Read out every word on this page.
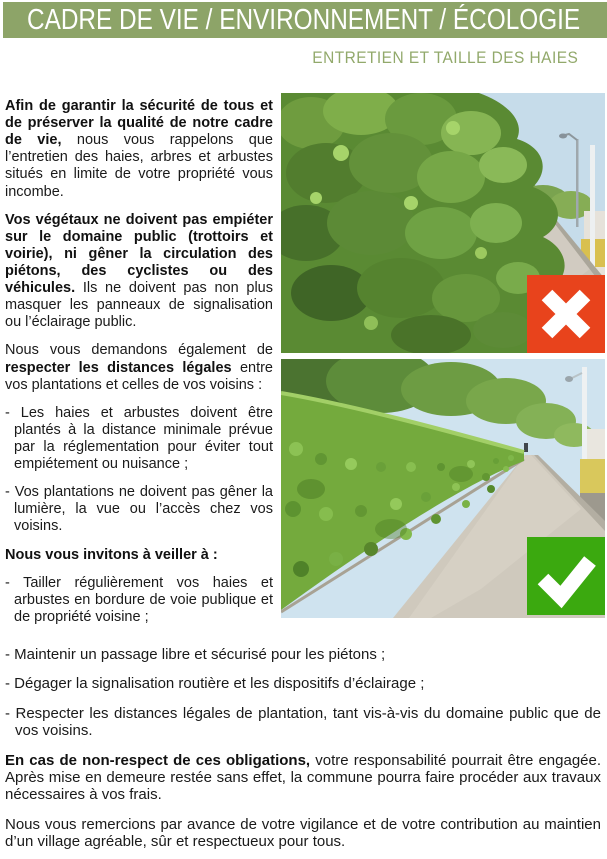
CADRE DE VIE / ENVIRONNEMENT / ÉCOLOGIE
ENTRETIEN ET TAILLE DES HAIES

Afin de garantir la sécurité de tous et de préserver la qualité de notre cadre de vie, nous vous rappelons que l’entretien des haies, arbres et arbustes situés en limite de votre propriété vous incombe.

Vos végétaux ne doivent pas empiéter sur le domaine public (trottoirs et voirie), ni gêner la circulation des piétons, des cyclistes ou des véhicules. Ils ne doivent pas non plus masquer les panneaux de signalisation ou l’éclairage public.

Nous vous demandons également de respecter les distances légales entre vos plantations et celles de vos voisins :

- Les haies et arbustes doivent être plantés à la distance minimale prévue par la réglementation pour éviter tout empiétement ou nuisance ;

- Vos plantations ne doivent pas gêner la lumière, la vue ou l’accès chez vos voisins.

Nous vous invitons à veiller à :

- Tailler régulièrement vos haies et arbustes en bordure de voie publique et de propriété voisine ;

- Maintenir un passage libre et sécurisé pour les piétons ;

- Dégager la signalisation routière et les dispositifs d’éclairage ;

- Respecter les distances légales de plantation, tant vis-à-vis du domaine public que de vos voisins.

En cas de non-respect de ces obligations, votre responsabilité pourrait être engagée. Après mise en demeure restée sans effet, la commune pourra faire procéder aux travaux nécessaires à vos frais.

Nous vous remercions par avance de votre vigilance et de votre contribution au maintien d’un village agréable, sûr et respectueux pour tous.
